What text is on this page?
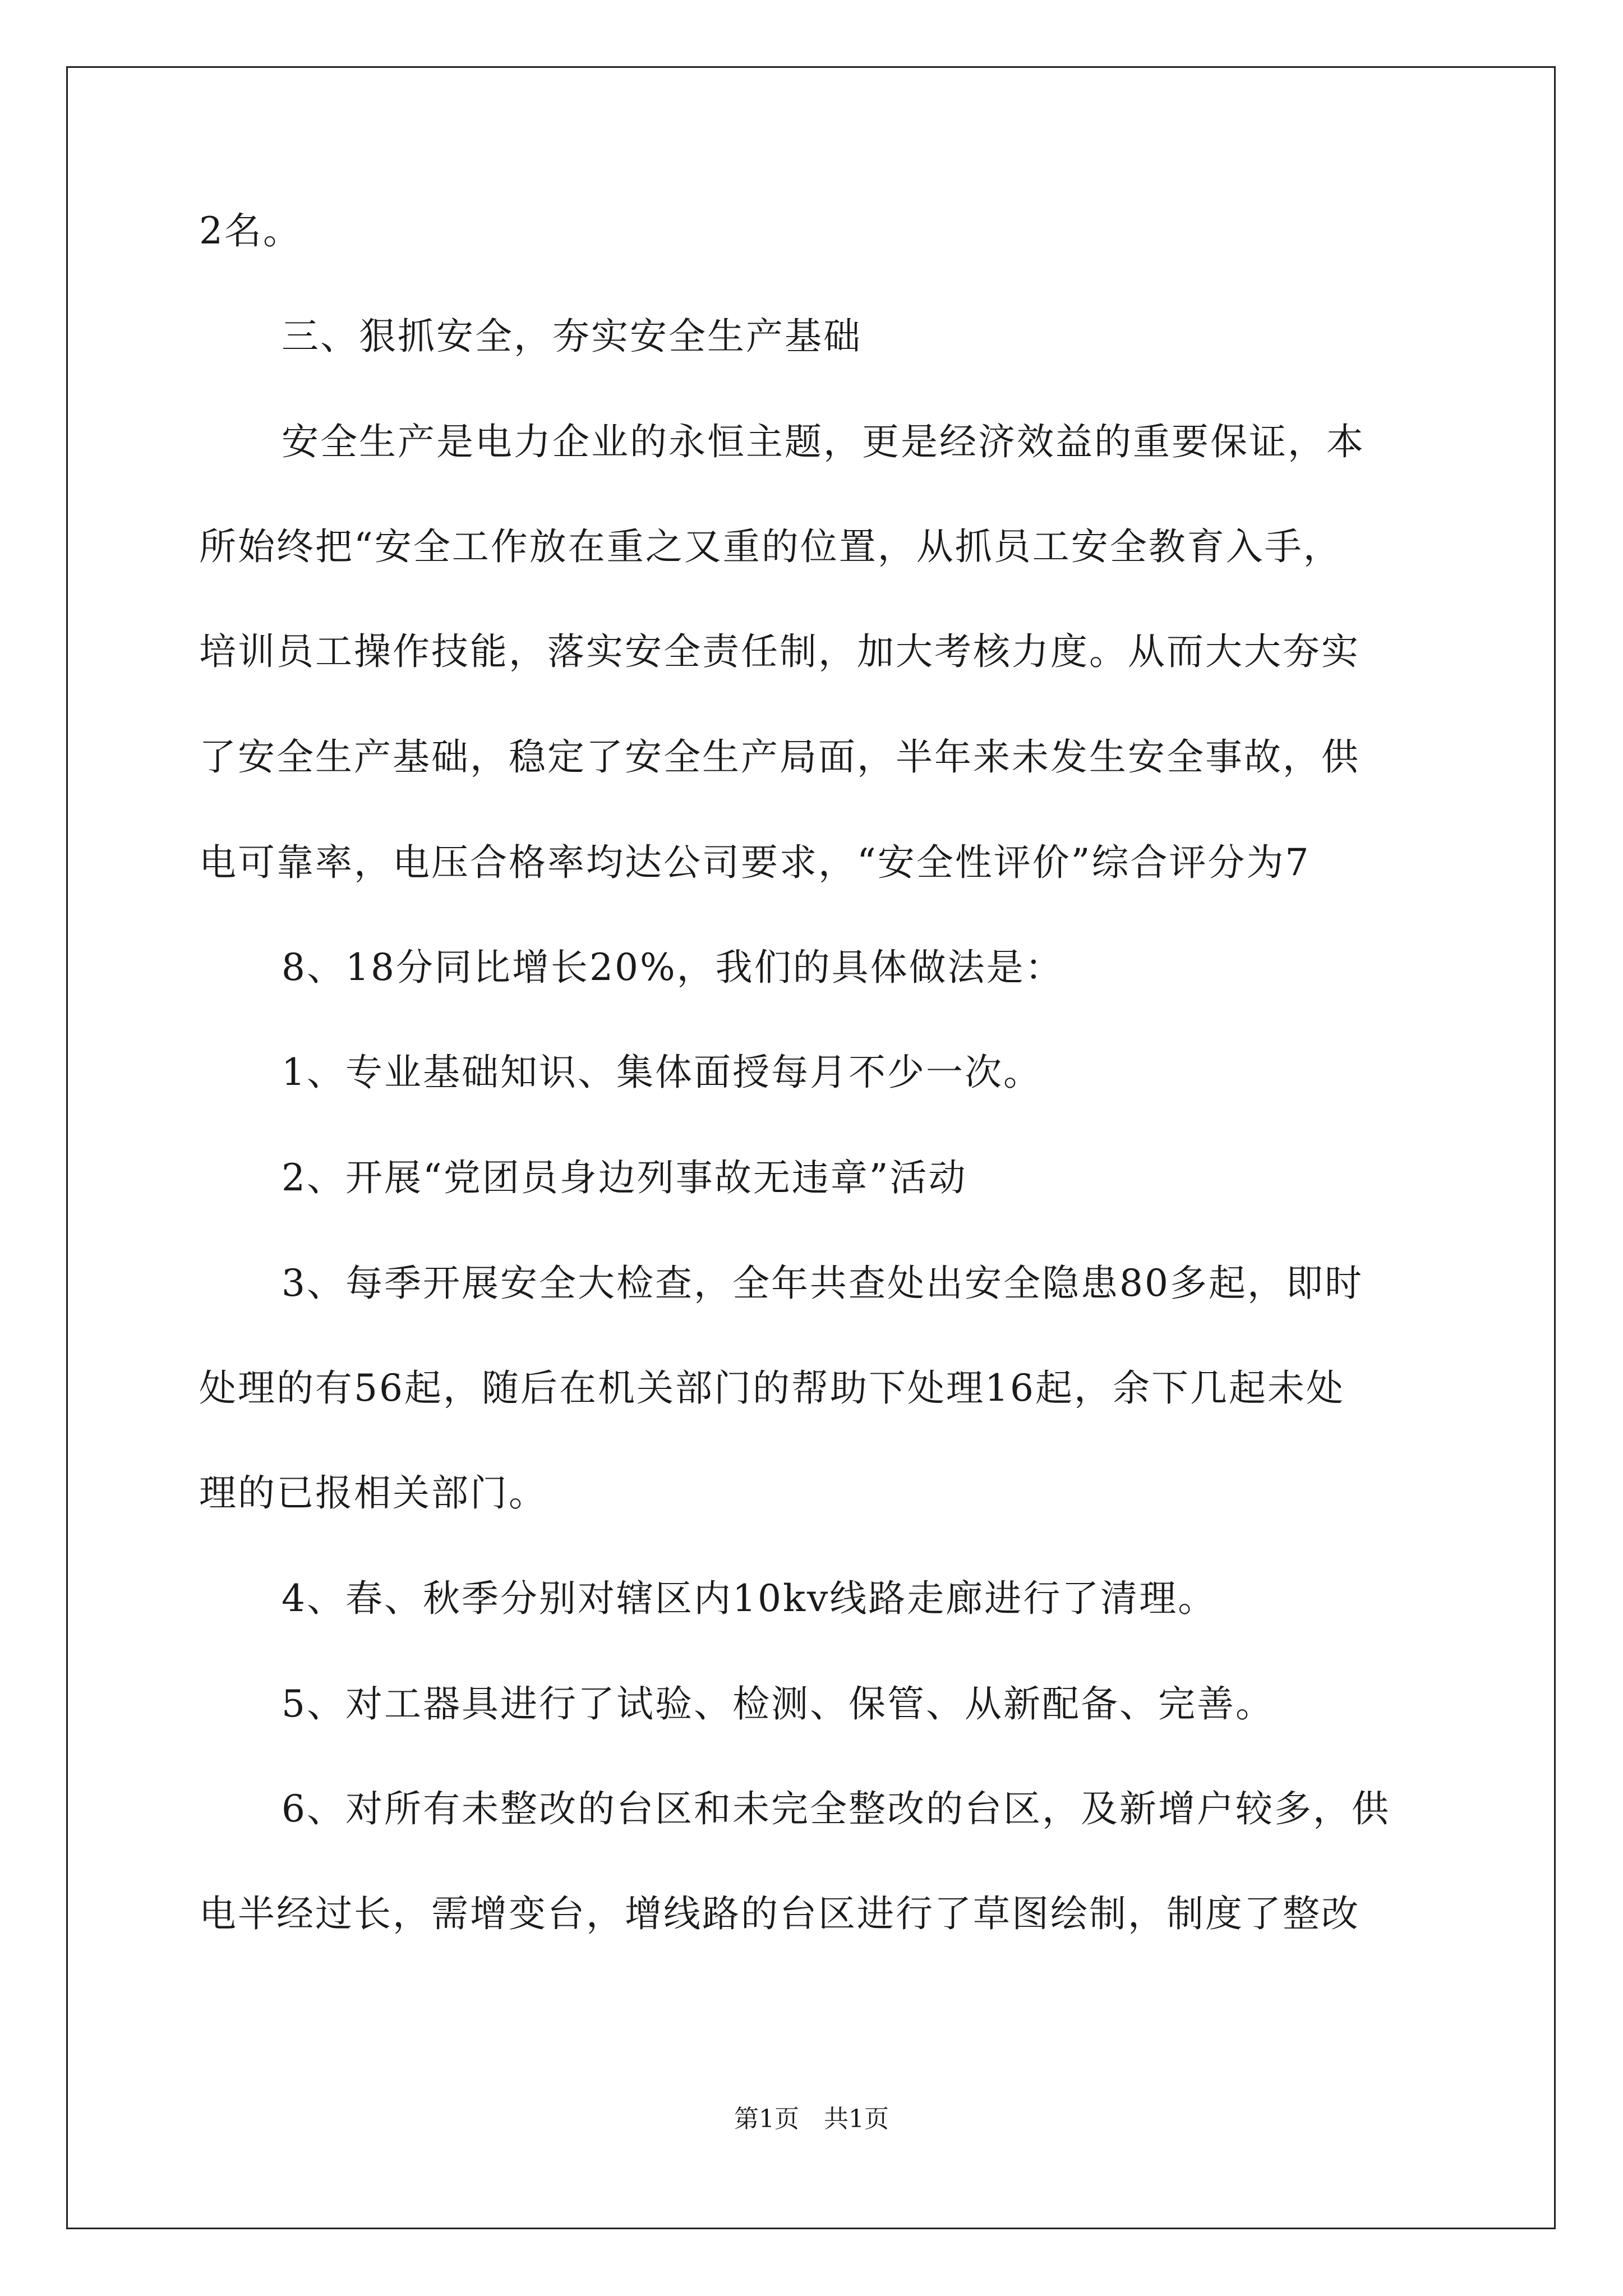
2名。
三、狠抓安全，夯实安全生产基础
安全生产是电力企业的永恒主题，更是经济效益的重要保证，本
所始终把“安全工作放在重之又重的位置，从抓员工安全教育入手，
培训员工操作技能，落实安全责任制，加大考核力度。从而大大夯实
了安全生产基础，稳定了安全生产局面，半年来未发生安全事故，供
电可靠率，电压合格率均达公司要求，“安全性评价”综合评分为7
8、18分同比增长20%，我们的具体做法是：
1、专业基础知识、集体面授每月不少一次。
2、开展“党团员身边列事故无违章”活动
3、每季开展安全大检查，全年共查处出安全隐患80多起，即时
处理的有56起，随后在机关部门的帮助下处理16起，余下几起未处
理的已报相关部门。
4、春、秋季分别对辖区内10kv线路走廊进行了清理。
5、对工器具进行了试验、检测、保管、从新配备、完善。
6、对所有未整改的台区和未完全整改的台区，及新增户较多，供
电半经过长，需增变台，增线路的台区进行了草图绘制，制度了整改
第1页　共1页
